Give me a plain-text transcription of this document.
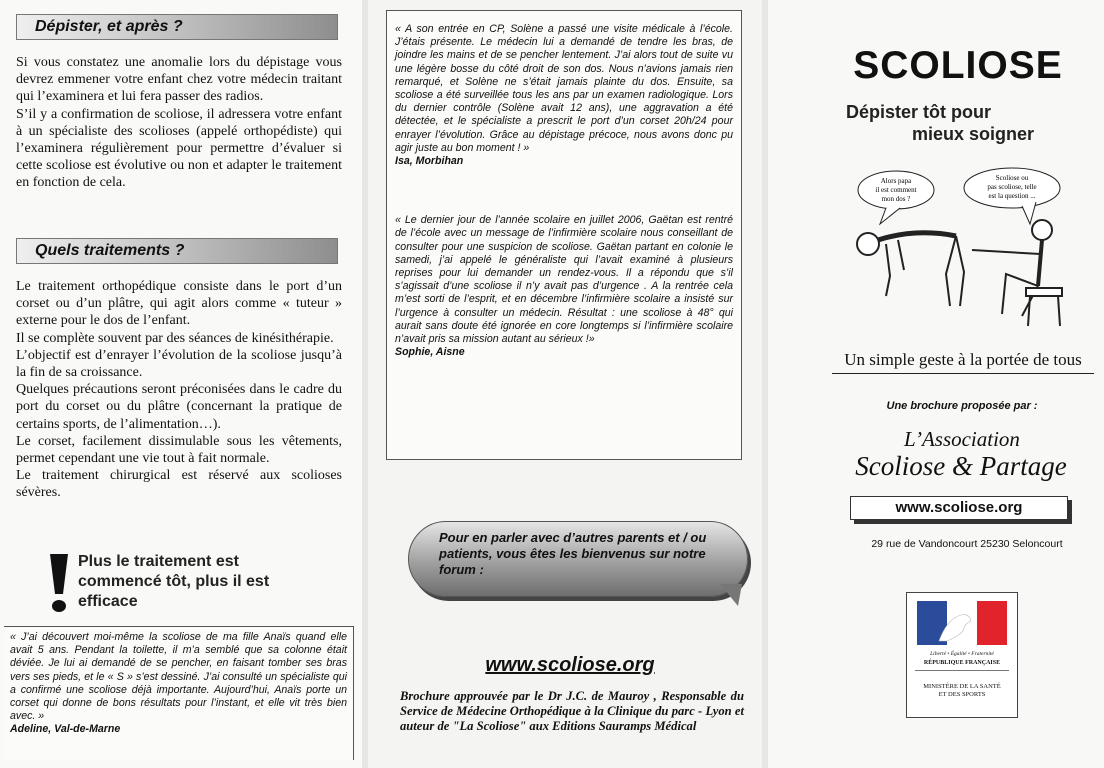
Dépister, et après ?

Si vous constatez une anomalie lors du dépistage vous devrez emmener votre enfant chez votre médecin traitant qui l’examinera et lui fera passer des radios.

S’il y a confirmation de scoliose, il adressera votre enfant à un spécialiste des scolioses (appelé orthopédiste) qui l’examinera régulièrement pour permettre d’évaluer si cette scoliose est évolutive ou non et adapter le traitement en fonction de cela.

Quels traitements ?

Le traitement orthopédique consiste dans le port d’un corset ou d’un plâtre, qui agit alors comme « tuteur » externe pour le dos de l’enfant.

Il se complète souvent par des séances de kinésithérapie.

L’objectif est d’enrayer l’évolution de la scoliose jusqu’à la fin de sa croissance.

Quelques précautions seront préconisées dans le cadre du port du corset ou du plâtre (concernant la pratique de certains sports, de l’alimentation…).

Le corset, facilement dissimulable sous les vêtements, permet cependant une vie tout à fait normale.

Le traitement chirurgical est réservé aux scolioses sévères.

Plus le traitement est commencé tôt, plus il est efficace
« J’ai découvert moi-même la scoliose de ma fille Anaïs quand elle avait 5 ans. Pendant la toilette, il m’a semblé que sa colonne était déviée. Je lui ai demandé de se pencher, en faisant tomber ses bras vers ses pieds, et le « S » s’est dessiné. J’ai consulté un spécialiste qui a confirmé une scoliose déjà importante. Aujourd’hui, Anaïs porte un corset qui donne de bons résultats pour l’instant, et elle vit très bien avec. »
Adeline, Val-de-Marne
« A son entrée en CP, Solène a passé une visite médicale à l’école. J’étais présente. Le médecin lui a demandé de tendre les bras, de joindre les mains et de se pencher lentement. J’ai alors tout de suite vu une légère bosse du côté droit de son dos. Nous n’avions jamais rien remarqué, et Solène ne s’était jamais plainte du dos. Ensuite, sa scoliose a été surveillée tous les ans par un examen radiologique. Lors du dernier contrôle (Solène avait 12 ans), une aggravation a été détectée, et le spécialiste a prescrit le port d’un corset 20h/24 pour enrayer l’évolution. Grâce au dépistage précoce, nous avons donc pu agir juste au bon moment ! »
Isa, Morbihan
« Le dernier jour de l’année scolaire en juillet 2006, Gaëtan est rentré de l’école avec un message de l’infirmière scolaire nous conseillant de consulter pour une suspicion de scoliose. Gaëtan partant en colonie le samedi, j’ai appelé le généraliste qui l’avait examiné à plusieurs reprises pour lui demander un rendez-vous. Il a répondu que s’il s’agissait d’une scoliose il n’y avait pas d’urgence . A la rentrée cela m’est sorti de l’esprit, et en décembre l’infirmière scolaire a insisté sur l’urgence à consulter un médecin. Résultat : une scoliose à 48° qui aurait sans doute été ignorée en core longtemps si l’infirmière scolaire n’avait pris sa mission autant au sérieux !»
Sophie, Aisne
Pour en parler avec d’autres parents et / ou patients, vous êtes les bienvenus sur notre forum :
www.scoliose.org
Brochure approuvée par le Dr J.C. de Mauroy , Responsable du Service de Médecine Orthopédique à la Clinique du parc - Lyon et auteur de "La Scoliose" aux Editions Sauramps Médical
SCOLIOSE
Dépister tôt pour
mieux soigner
Alors papa
il est comment
mon dos ?
Scoliose ou
pas scoliose, telle
est la question ...
Un simple geste à la portée de tous
Une brochure proposée par :
L’Association
Scoliose & Partage
www.scoliose.org
29 rue de Vandoncourt 25230 Seloncourt
Liberté • Égalité • Fraternité
RÉPUBLIQUE FRANÇAISE
MINISTÈRE DE LA SANTÉ
ET DES SPORTS
